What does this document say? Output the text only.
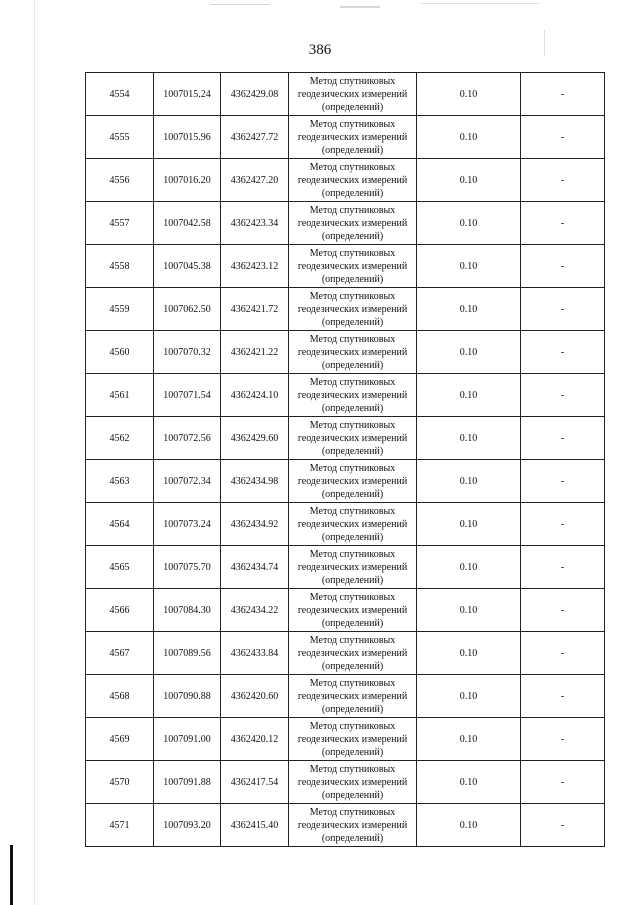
386
4554	1007015.24	4362429.08	Метод спутниковых
геодезических измерений
(определений)	0.10	-
4555	1007015.96	4362427.72	Метод спутниковых
геодезических измерений
(определений)	0.10	-
4556	1007016.20	4362427.20	Метод спутниковых
геодезических измерений
(определений)	0.10	-
4557	1007042.58	4362423.34	Метод спутниковых
геодезических измерений
(определений)	0.10	-
4558	1007045.38	4362423.12	Метод спутниковых
геодезических измерений
(определений)	0.10	-
4559	1007062.50	4362421.72	Метод спутниковых
геодезических измерений
(определений)	0.10	-
4560	1007070.32	4362421.22	Метод спутниковых
геодезических измерений
(определений)	0.10	-
4561	1007071.54	4362424.10	Метод спутниковых
геодезических измерений
(определений)	0.10	-
4562	1007072.56	4362429.60	Метод спутниковых
геодезических измерений
(определений)	0.10	-
4563	1007072.34	4362434.98	Метод спутниковых
геодезических измерений
(определений)	0.10	-
4564	1007073.24	4362434.92	Метод спутниковых
геодезических измерений
(определений)	0.10	-
4565	1007075.70	4362434.74	Метод спутниковых
геодезических измерений
(определений)	0.10	-
4566	1007084.30	4362434.22	Метод спутниковых
геодезических измерений
(определений)	0.10	-
4567	1007089.56	4362433.84	Метод спутниковых
геодезических измерений
(определений)	0.10	-
4568	1007090.88	4362420.60	Метод спутниковых
геодезических измерений
(определений)	0.10	-
4569	1007091.00	4362420.12	Метод спутниковых
геодезических измерений
(определений)	0.10	-
4570	1007091.88	4362417.54	Метод спутниковых
геодезических измерений
(определений)	0.10	-
4571	1007093.20	4362415.40	Метод спутниковых
геодезических измерений
(определений)	0.10	-
